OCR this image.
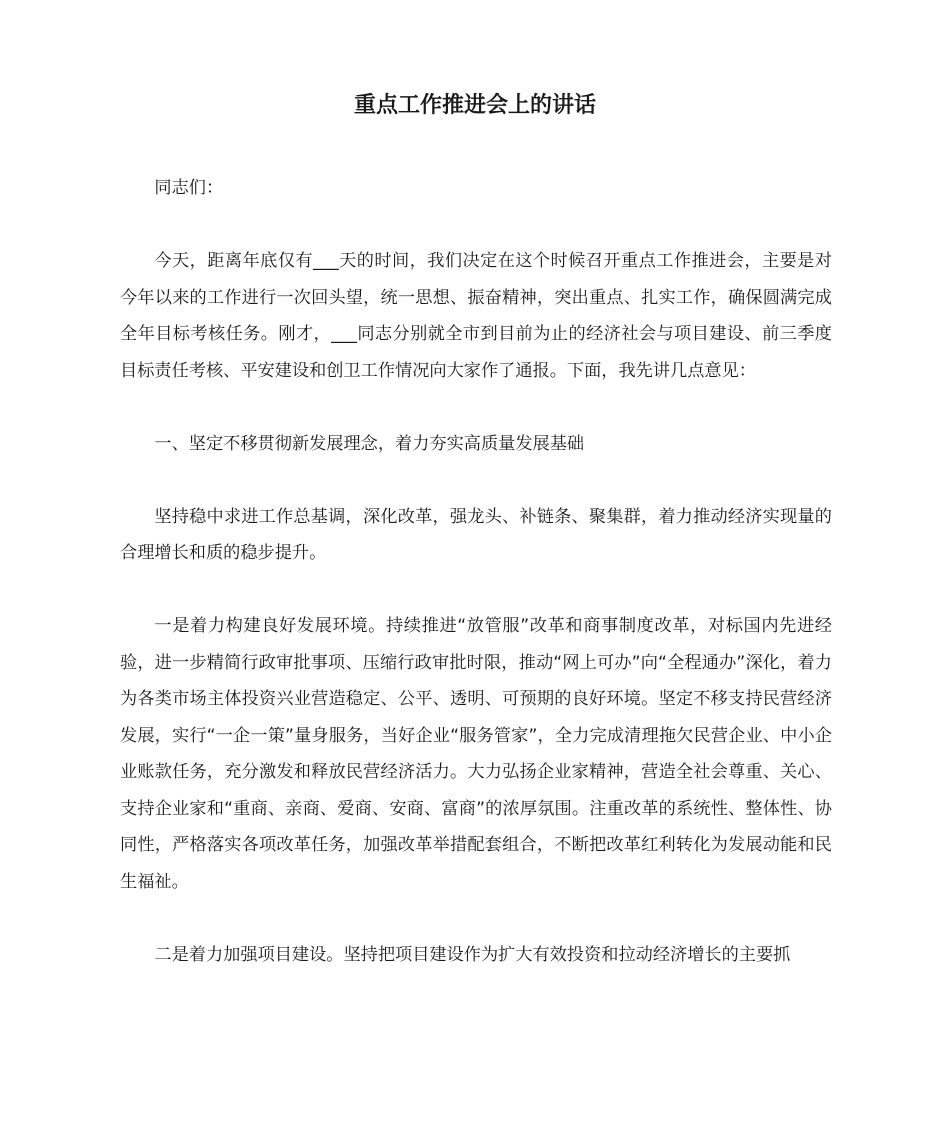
重点工作推进会上的讲话

同志们：

今天，距离年底仅有___天的时间，我们决定在这个时候召开重点工作推进会，主要是对今年以来的工作进行一次回头望，统一思想、振奋精神，突出重点、扎实工作，确保圆满完成全年目标考核任务。刚才，___同志分别就全市到目前为止的经济社会与项目建设、前三季度目标责任考核、平安建设和创卫工作情况向大家作了通报。下面，我先讲几点意见：

一、坚定不移贯彻新发展理念，着力夯实高质量发展基础

坚持稳中求进工作总基调，深化改革，强龙头、补链条、聚集群，着力推动经济实现量的合理增长和质的稳步提升。

一是着力构建良好发展环境。持续推进“放管服”改革和商事制度改革，对标国内先进经验，进一步精简行政审批事项、压缩行政审批时限，推动“网上可办”向“全程通办”深化，着力为各类市场主体投资兴业营造稳定、公平、透明、可预期的良好环境。坚定不移支持民营经济发展，实行“一企一策”量身服务，当好企业“服务管家”，全力完成清理拖欠民营企业、中小企业账款任务，充分激发和释放民营经济活力。大力弘扬企业家精神，营造全社会尊重、关心、支持企业家和“重商、亲商、爱商、安商、富商”的浓厚氛围。注重改革的系统性、整体性、协同性，严格落实各项改革任务，加强改革举措配套组合，不断把改革红利转化为发展动能和民生福祉。

二是着力加强项目建设。坚持把项目建设作为扩大有效投资和拉动经济增长的主要抓
